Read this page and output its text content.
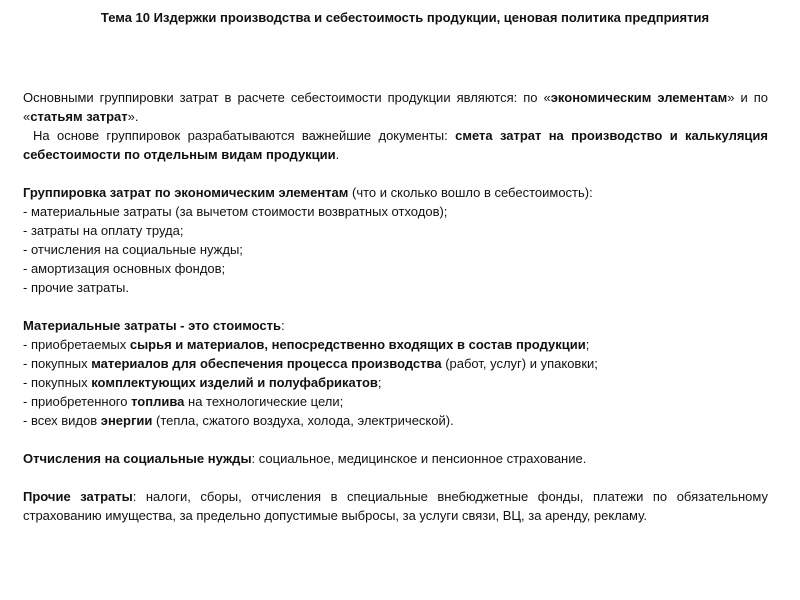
Тема 10 Издержки производства и себестоимость продукции, ценовая политика предприятия

Основными группировки затрат в расчете себестоимости продукции являются: по «экономическим элементам» и по «статьям затрат».

На основе группировок разрабатываются важнейшие документы: смета затрат на производство и калькуляция себестоимости по отдельным видам продукции.

Группировка затрат по экономическим элементам (что и сколько вошло в себестоимость):

- материальные затраты (за вычетом стоимости возвратных отходов);

- затраты на оплату труда;

- отчисления на социальные нужды;

- амортизация основных фондов;

- прочие затраты.

Материальные затраты - это стоимость:

- приобретаемых сырья и материалов, непосредственно входящих в состав продукции;

- покупных материалов для обеспечения процесса производства (работ, услуг) и упаковки;

- покупных комплектующих изделий и полуфабрикатов;

- приобретенного топлива на технологические цели;

- всех видов энергии (тепла, сжатого воздуха, холода, электрической).

Отчисления на социальные нужды: социальное, медицинское и пенсионное страхование.

Прочие затраты: налоги, сборы, отчисления в специальные внебюджетные фонды, платежи по обязательному страхованию имущества, за предельно допустимые выбросы, за услуги связи, ВЦ, за аренду, рекламу.
